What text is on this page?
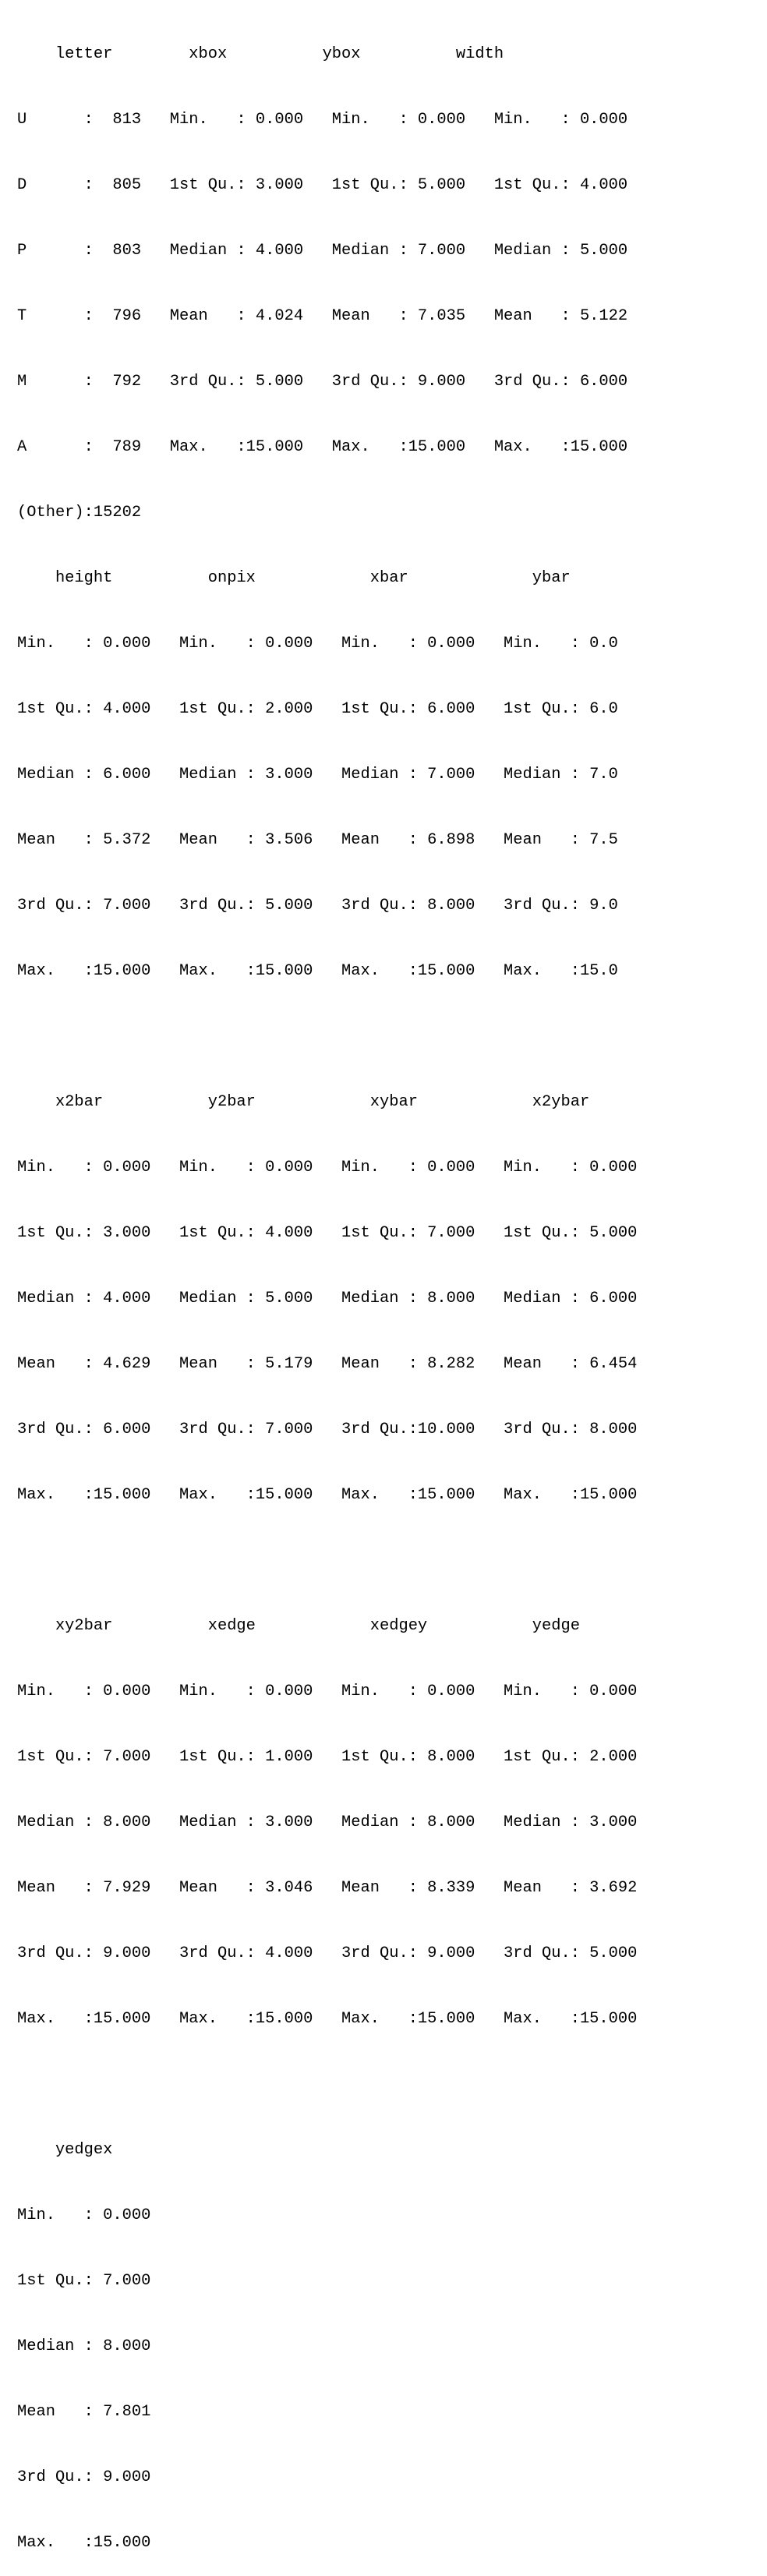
letter        xbox          ybox          width

U      :  813   Min.   : 0.000   Min.   : 0.000   Min.   : 0.000

D      :  805   1st Qu.: 3.000   1st Qu.: 5.000   1st Qu.: 4.000

P      :  803   Median : 4.000   Median : 7.000   Median : 5.000

T      :  796   Mean   : 4.024   Mean   : 7.035   Mean   : 5.122

M      :  792   3rd Qu.: 5.000   3rd Qu.: 9.000   3rd Qu.: 6.000

A      :  789   Max.   :15.000   Max.   :15.000   Max.   :15.000

(Other):15202

height          onpix            xbar             ybar

Min.   : 0.000   Min.   : 0.000   Min.   : 0.000   Min.   : 0.0

1st Qu.: 4.000   1st Qu.: 2.000   1st Qu.: 6.000   1st Qu.: 6.0

Median : 6.000   Median : 3.000   Median : 7.000   Median : 7.0

Mean   : 5.372   Mean   : 3.506   Mean   : 6.898   Mean   : 7.5

3rd Qu.: 7.000   3rd Qu.: 5.000   3rd Qu.: 8.000   3rd Qu.: 9.0

Max.   :15.000   Max.   :15.000   Max.   :15.000   Max.   :15.0

x2bar           y2bar            xybar            x2ybar

Min.   : 0.000   Min.   : 0.000   Min.   : 0.000   Min.   : 0.000

1st Qu.: 3.000   1st Qu.: 4.000   1st Qu.: 7.000   1st Qu.: 5.000

Median : 4.000   Median : 5.000   Median : 8.000   Median : 6.000

Mean   : 4.629   Mean   : 5.179   Mean   : 8.282   Mean   : 6.454

3rd Qu.: 6.000   3rd Qu.: 7.000   3rd Qu.:10.000   3rd Qu.: 8.000

Max.   :15.000   Max.   :15.000   Max.   :15.000   Max.   :15.000

xy2bar          xedge            xedgey           yedge

Min.   : 0.000   Min.   : 0.000   Min.   : 0.000   Min.   : 0.000

1st Qu.: 7.000   1st Qu.: 1.000   1st Qu.: 8.000   1st Qu.: 2.000

Median : 8.000   Median : 3.000   Median : 8.000   Median : 3.000

Mean   : 7.929   Mean   : 3.046   Mean   : 8.339   Mean   : 3.692

3rd Qu.: 9.000   3rd Qu.: 4.000   3rd Qu.: 9.000   3rd Qu.: 5.000

Max.   :15.000   Max.   :15.000   Max.   :15.000   Max.   :15.000

yedgex

Min.   : 0.000

1st Qu.: 7.000

Median : 8.000

Mean   : 7.801

3rd Qu.: 9.000

Max.   :15.000
